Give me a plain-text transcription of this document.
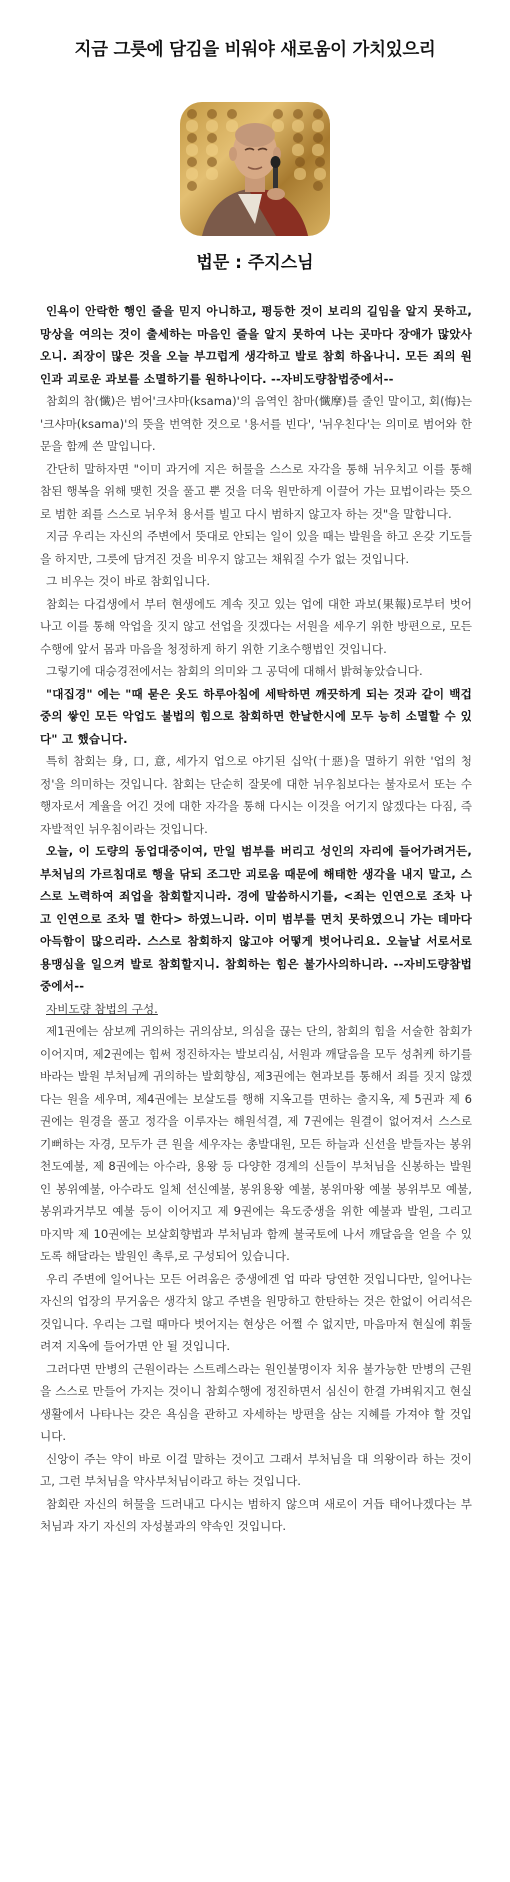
지금 그릇에 담김을 비워야 새로움이 가치있으리
법문 : 주지스님

인욕이 안락한 행인 줄을 믿지 아니하고, 평등한 것이 보리의 길임을 알지 못하고, 망상을 여의는 것이 출세하는 마음인 줄을 알지 못하여 나는 곳마다 장애가 많았사오니. 죄장이 많은 것을 오늘 부끄럽게 생각하고 발로 참회 하옵나니. 모든 죄의 원인과 괴로운 과보를 소멸하기를 원하나이다. --자비도량참법중에서--

참회의 참(懺)은 범어'크샤마(ksama)'의 음역인 참마(懺摩)를 줄인 말이고, 회(悔)는 '크샤마(ksama)'의 뜻을 번역한 것으로 '용서를 빈다', '뉘우친다'는 의미로 범어와 한문을 함께 쓴 말입니다.

간단히 말하자면 "이미 과거에 지은 허물을 스스로 자각을 통해 뉘우치고 이를 통해 참된 행복을 위해 맺힌 것을 풀고 뿐 것을 더욱 원만하게 이끌어 가는 묘법이라는 뜻으로 범한 죄를 스스로 뉘우쳐 용서를 빌고 다시 범하지 않고자 하는 것"을 말합니다.

지금 우리는 자신의 주변에서 뜻대로 안되는 일이 있을 때는 발원을 하고 온갖 기도들을 하지만, 그릇에 담겨진 것을 비우지 않고는 채워질 수가 없는 것입니다.

그 비우는 것이 바로 참회입니다.

참회는 다겁생에서 부터 현생에도 계속 짓고 있는 업에 대한 과보(果報)로부터 벗어나고 이를 통해 악업을 짓지 않고 선업을 짓겠다는 서원을 세우기 위한 방편으로, 모든 수행에 앞서 몸과 마음을 청정하게 하기 위한 기초수행법인 것입니다.

그렇기에 대승경전에서는 참회의 의미와 그 공덕에 대해서 밝혀놓았습니다.

"대집경" 에는 "때 묻은 옷도 하루아침에 세탁하면 깨끗하게 되는 것과 같이 백겁 중의 쌓인 모든 악업도 불법의 힘으로 참회하면 한날한시에 모두 능히 소멸할 수 있다" 고 했습니다.

특히 참회는 身, 口, 意, 세가지 업으로 야기된 십악(十惡)을 멸하기 위한 '업의 청정'을 의미하는 것입니다. 참회는 단순히 잘못에 대한 뉘우침보다는 불자로서 또는 수행자로서 계율을 어긴 것에 대한 자각을 통해 다시는 이것을 어기지 않겠다는 다짐, 즉 자발적인 뉘우침이라는 것입니다.

오늘, 이 도량의 동업대중이여, 만일 범부를 버리고 성인의 자리에 들어가려거든, 부처님의 가르침대로 행을 닦되 조그만 괴로움 때문에 해태한 생각을 내지 말고, 스스로 노력하여 죄업을 참회할지니라. 경에 말씀하시기를, <죄는 인연으로 조차 나고 인연으로 조차 멸 한다> 하였느니라. 이미 범부를 면치 못하였으니 가는 데마다 아득함이 많으리라. 스스로 참회하지 않고야 어떻게 벗어나리요. 오늘날 서로서로 용맹심을 일으켜 발로 참회할지니. 참회하는 힘은 불가사의하니라. --자비도량참법중에서--

자비도량 참법의 구성.

제1권에는 삼보께 귀의하는 귀의삼보, 의심을 끊는 단의, 참회의 힘을 서술한 참회가 이어지며, 제2권에는 힘써 정진하자는 발보리심, 서원과 깨달음을 모두 성취케 하기를 바라는 발원 부처님께 귀의하는 발회향심, 제3권에는 현과보를 통해서 죄를 짓지 않겠다는 원을 세우며, 제4권에는 보살도를 행해 지옥고를 면하는 출지옥, 제 5권과 제 6권에는 원경을 풀고 정각을 이루자는 해원석결, 제 7권에는 원결이 없어져서 스스로 기뻐하는 자경, 모두가 큰 원을 세우자는 총발대원, 모든 하늘과 신선을 받들자는 봉위 천도예불, 제 8권에는 아수라, 용왕 등 다양한 경계의 신들이 부처님을 신봉하는 발원인 봉위예불, 아수라도 일체 선신예불, 봉위용왕 예불, 봉위마왕 예불 봉위부모 예불, 봉위과거부모 예불 등이 이어지고 제 9권에는 육도중생을 위한 예불과 발원, 그리고 마지막 제 10권에는 보살회향법과 부처님과 함께 불국토에 나서 깨달음을 얻을 수 있도록 해달라는 발원인 촉루,로 구성되어 있습니다.

우리 주변에 일어나는 모든 어려움은 중생에겐 업 따라 당연한 것입니다만, 일어나는 자신의 업장의 무거움은 생각치 않고 주변을 원망하고 한탄하는 것은 한없이 어리석은 것입니다. 우리는 그럴 때마다 벗어지는 현상은 어쩔 수 없지만, 마음마저 현실에 휘둘려져 지옥에 들어가면 안 될 것입니다.

그러다면 만병의 근원이라는 스트레스라는 원인불명이자 치유 불가능한 만병의 근원을 스스로 만들어 가지는 것이니 참회수행에 정진하면서 심신이 한결 가벼워지고 현실생활에서 나타나는 갖은 욕심을 관하고 자세하는 방편을 삼는 지혜를 가져야 할 것입니다.

신앙이 주는 약이 바로 이걸 말하는 것이고 그래서 부처님을 대 의왕이라 하는 것이고, 그런 부처님을 약사부처님이라고 하는 것입니다.

참회란 자신의 허물을 드러내고 다시는 범하지 않으며 새로이 거듭 태어나겠다는 부처님과 자기 자신의 자성불과의 약속인 것입니다.
